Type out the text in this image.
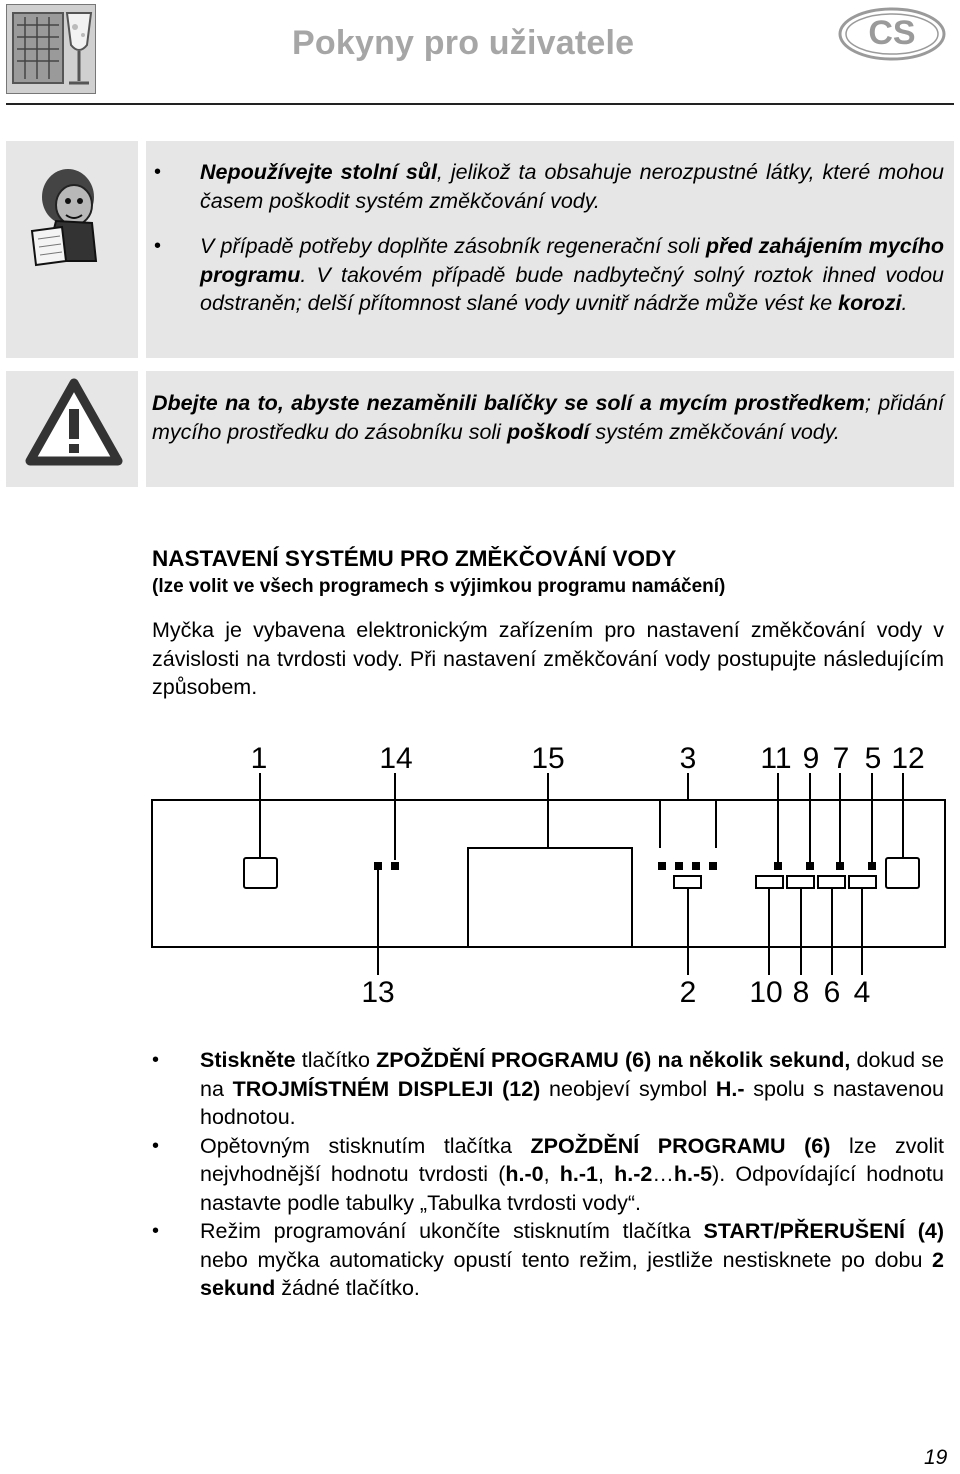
Pokyny pro uživatele	CS
• Nepoužívejte stolní sůl, jelikož ta obsahuje nerozpustné látky, které mohou časem poškodit systém změkčování vody.
• V případě potřeby doplňte zásobník regenerační soli před zahájením mycího programu. V takovém případě bude nadbytečný solný roztok ihned vodou odstraněn; delší přítomnost slané vody uvnitř nádrže může vést ke korozi.
Dbejte na to, abyste nezaměnili balíčky se solí a mycím prostředkem; přidání mycího prostředku do zásobníku soli poškodí systém změkčování vody.
NASTAVENÍ SYSTÉMU PRO ZMĚKČOVÁNÍ VODY
(lze volit ve všech programech s výjimkou programu namáčení)
Myčka je vybavena elektronickým zařízením pro nastavení změkčování vody v závislosti na tvrdosti vody. Při nastavení změkčování vody postupujte následujícím způsobem.
1	14	15	3 11 9 7 5 12
13	2 10 8 6 4
• Stiskněte tlačítko ZPOŽDĚNÍ PROGRAMU (6) na několik sekund, dokud se na TROJMÍSTNÉM DISPLEJI (12) neobjeví symbol H.- spolu s nastavenou hodnotou.
• Opětovným stisknutím tlačítka ZPOŽDĚNÍ PROGRAMU (6) lze zvolit nejvhodnější hodnotu tvrdosti (h.-0, h.-1, h.-2…h.-5). Odpovídající hodnotu nastavte podle tabulky „Tabulka tvrdosti vody“.
• Režim programování ukončíte stisknutím tlačítka START/PŘERUŠENÍ (4) nebo myčka automaticky opustí tento režim, jestliže nestisknete po dobu 2 sekund žádné tlačítko.
19
